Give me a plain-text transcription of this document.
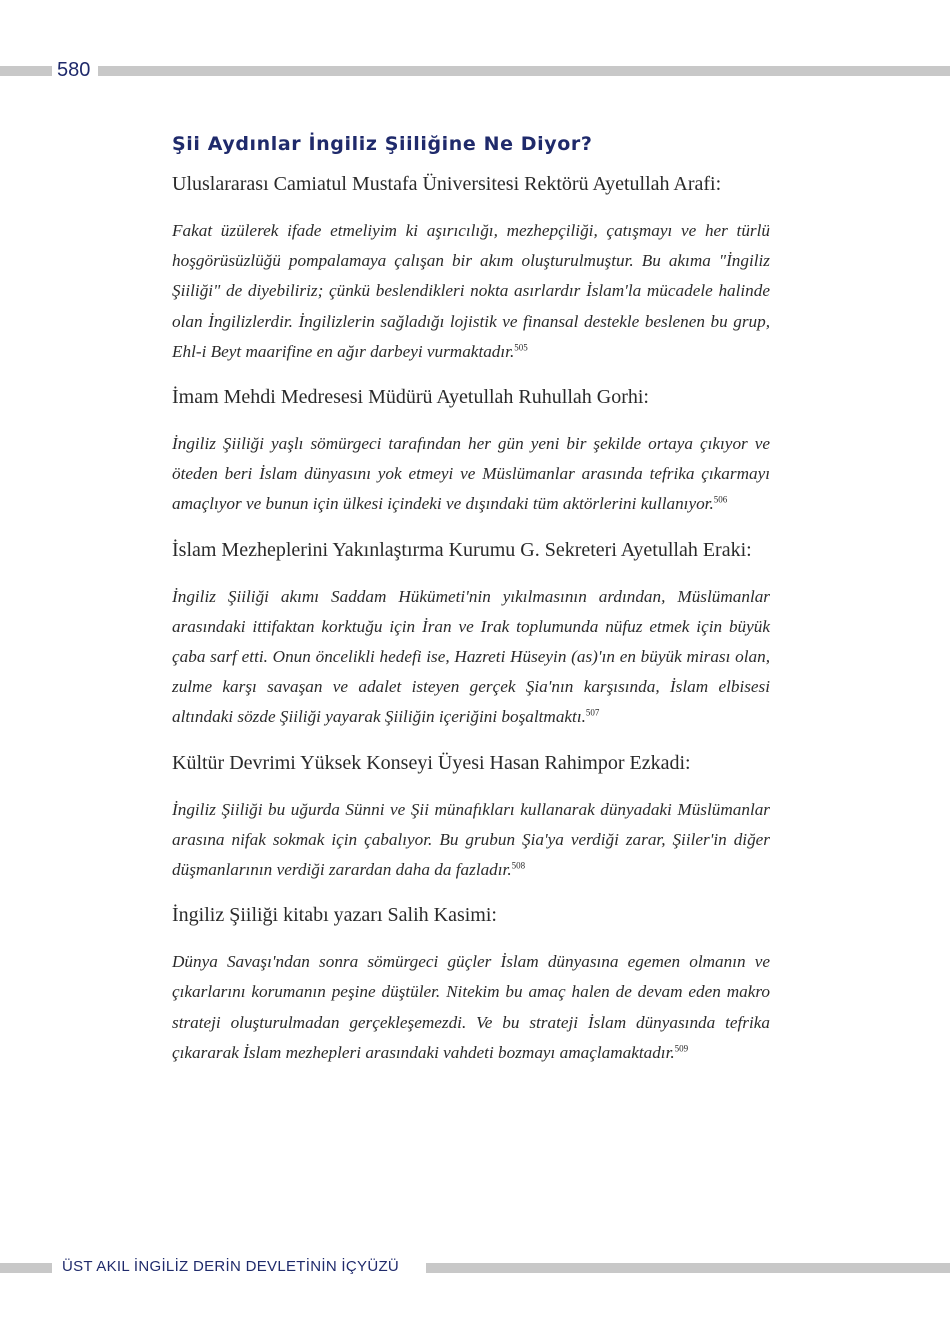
580
Şii Aydınlar İngiliz Şiiliğine Ne Diyor?
Uluslararası Camiatul Mustafa Üniversitesi Rektörü Ayetullah Arafi:

Fakat üzülerek ifade etmeliyim ki aşırıcılığı, mezhepçiliği, çatışmayı ve her türlü hoşgörüsüzlüğü pompalamaya çalışan bir akım oluşturulmuştur. Bu akıma "İngiliz Şiiliği" de diyebiliriz; çünkü beslendikleri nokta asırlardır İslam'la mücadele halinde olan İngilizlerdir. İngilizlerin sağladığı lojistik ve finansal destekle beslenen bu grup, Ehl-i Beyt maarifine en ağır darbeyi vurmaktadır.$^{505}$

İmam Mehdi Medresesi Müdürü Ayetullah Ruhullah Gorhi:

İngiliz Şiiliği yaşlı sömürgeci tarafından her gün yeni bir şekilde ortaya çıkıyor ve öteden beri İslam dünyasını yok etmeyi ve Müslümanlar arasında tefrika çıkarmayı amaçlıyor ve bunun için ülkesi içindeki ve dışındaki tüm aktörlerini kullanıyor.$^{506}$

İslam Mezheplerini Yakınlaştırma Kurumu G. Sekreteri Ayetullah Eraki:

İngiliz Şiiliği akımı Saddam Hükümeti'nin yıkılmasının ardından, Müslümanlar arasındaki ittifaktan korktuğu için İran ve Irak toplumunda nüfuz etmek için büyük çaba sarf etti. Onun öncelikli hedefi ise, Hazreti Hüseyin (as)'ın en büyük mirası olan, zulme karşı savaşan ve adalet isteyen gerçek Şia'nın karşısında, İslam elbisesi altındaki sözde Şiiliği yayarak Şiiliğin içeriğini boşaltmaktı.$^{507}$

Kültür Devrimi Yüksek Konseyi Üyesi Hasan Rahimpor Ezkadi:

İngiliz Şiiliği bu uğurda Sünni ve Şii münafıkları kullanarak dünyadaki Müslümanlar arasına nifak sokmak için çabalıyor. Bu grubun Şia'ya verdiği zarar, Şiiler'in diğer düşmanlarının verdiği zarardan daha da fazladır.$^{508}$

İngiliz Şiiliği kitabı yazarı Salih Kasimi:

Dünya Savaşı'ndan sonra sömürgeci güçler İslam dünyasına egemen olmanın ve çıkarlarını korumanın peşine düştüler. Nitekim bu amaç halen de devam eden makro strateji oluşturulmadan gerçekleşemezdi. Ve bu strateji İslam dünyasında tefrika çıkararak İslam mezhepleri arasındaki vahdeti bozmayı amaçlamaktadır.$^{509}$

ÜST AKIL İNGİLİZ DERİN DEVLETİNİN İÇYÜZÜ
